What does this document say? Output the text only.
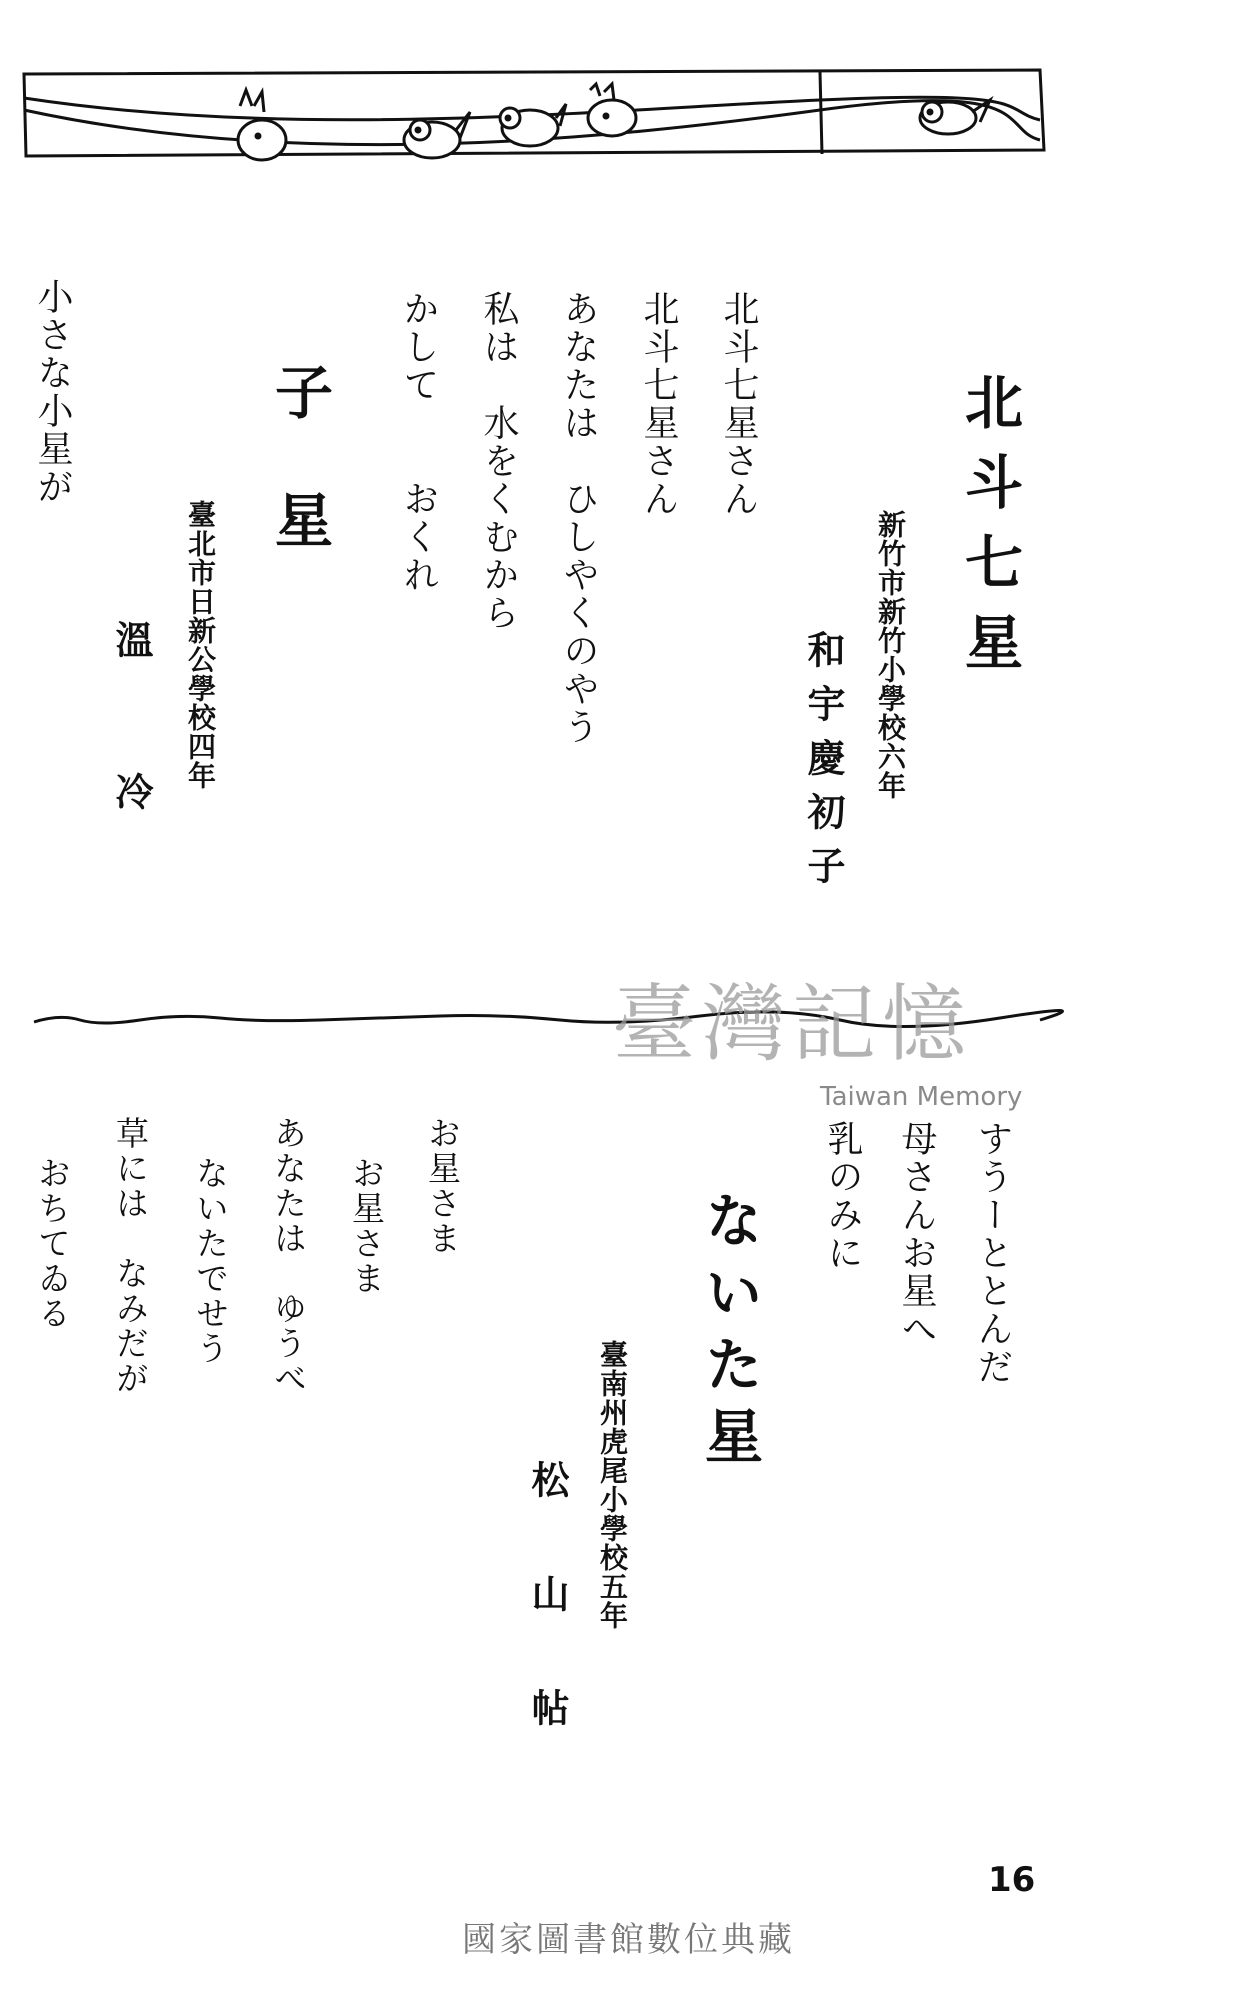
北斗七星
新竹市新竹小學校六年
和宇慶初子
北斗七星さん
北斗七星さん
あなたは　ひしやくのやう
私は　水をくむから
かして　　おくれ
子　星
臺北市日新公學校四年
溫　　　冷
小さな小星が
すうーととんだ
母さんお星へ
乳のみに
臺灣記憶
Taiwan Memory
ないた星
臺南州虎尾小學校五年
松　　山　　帖
お星さま
お星さま
あなたは　ゆうべ
ないたでせう
草には　なみだが
おちてゐる
16
國家圖書館數位典藏
